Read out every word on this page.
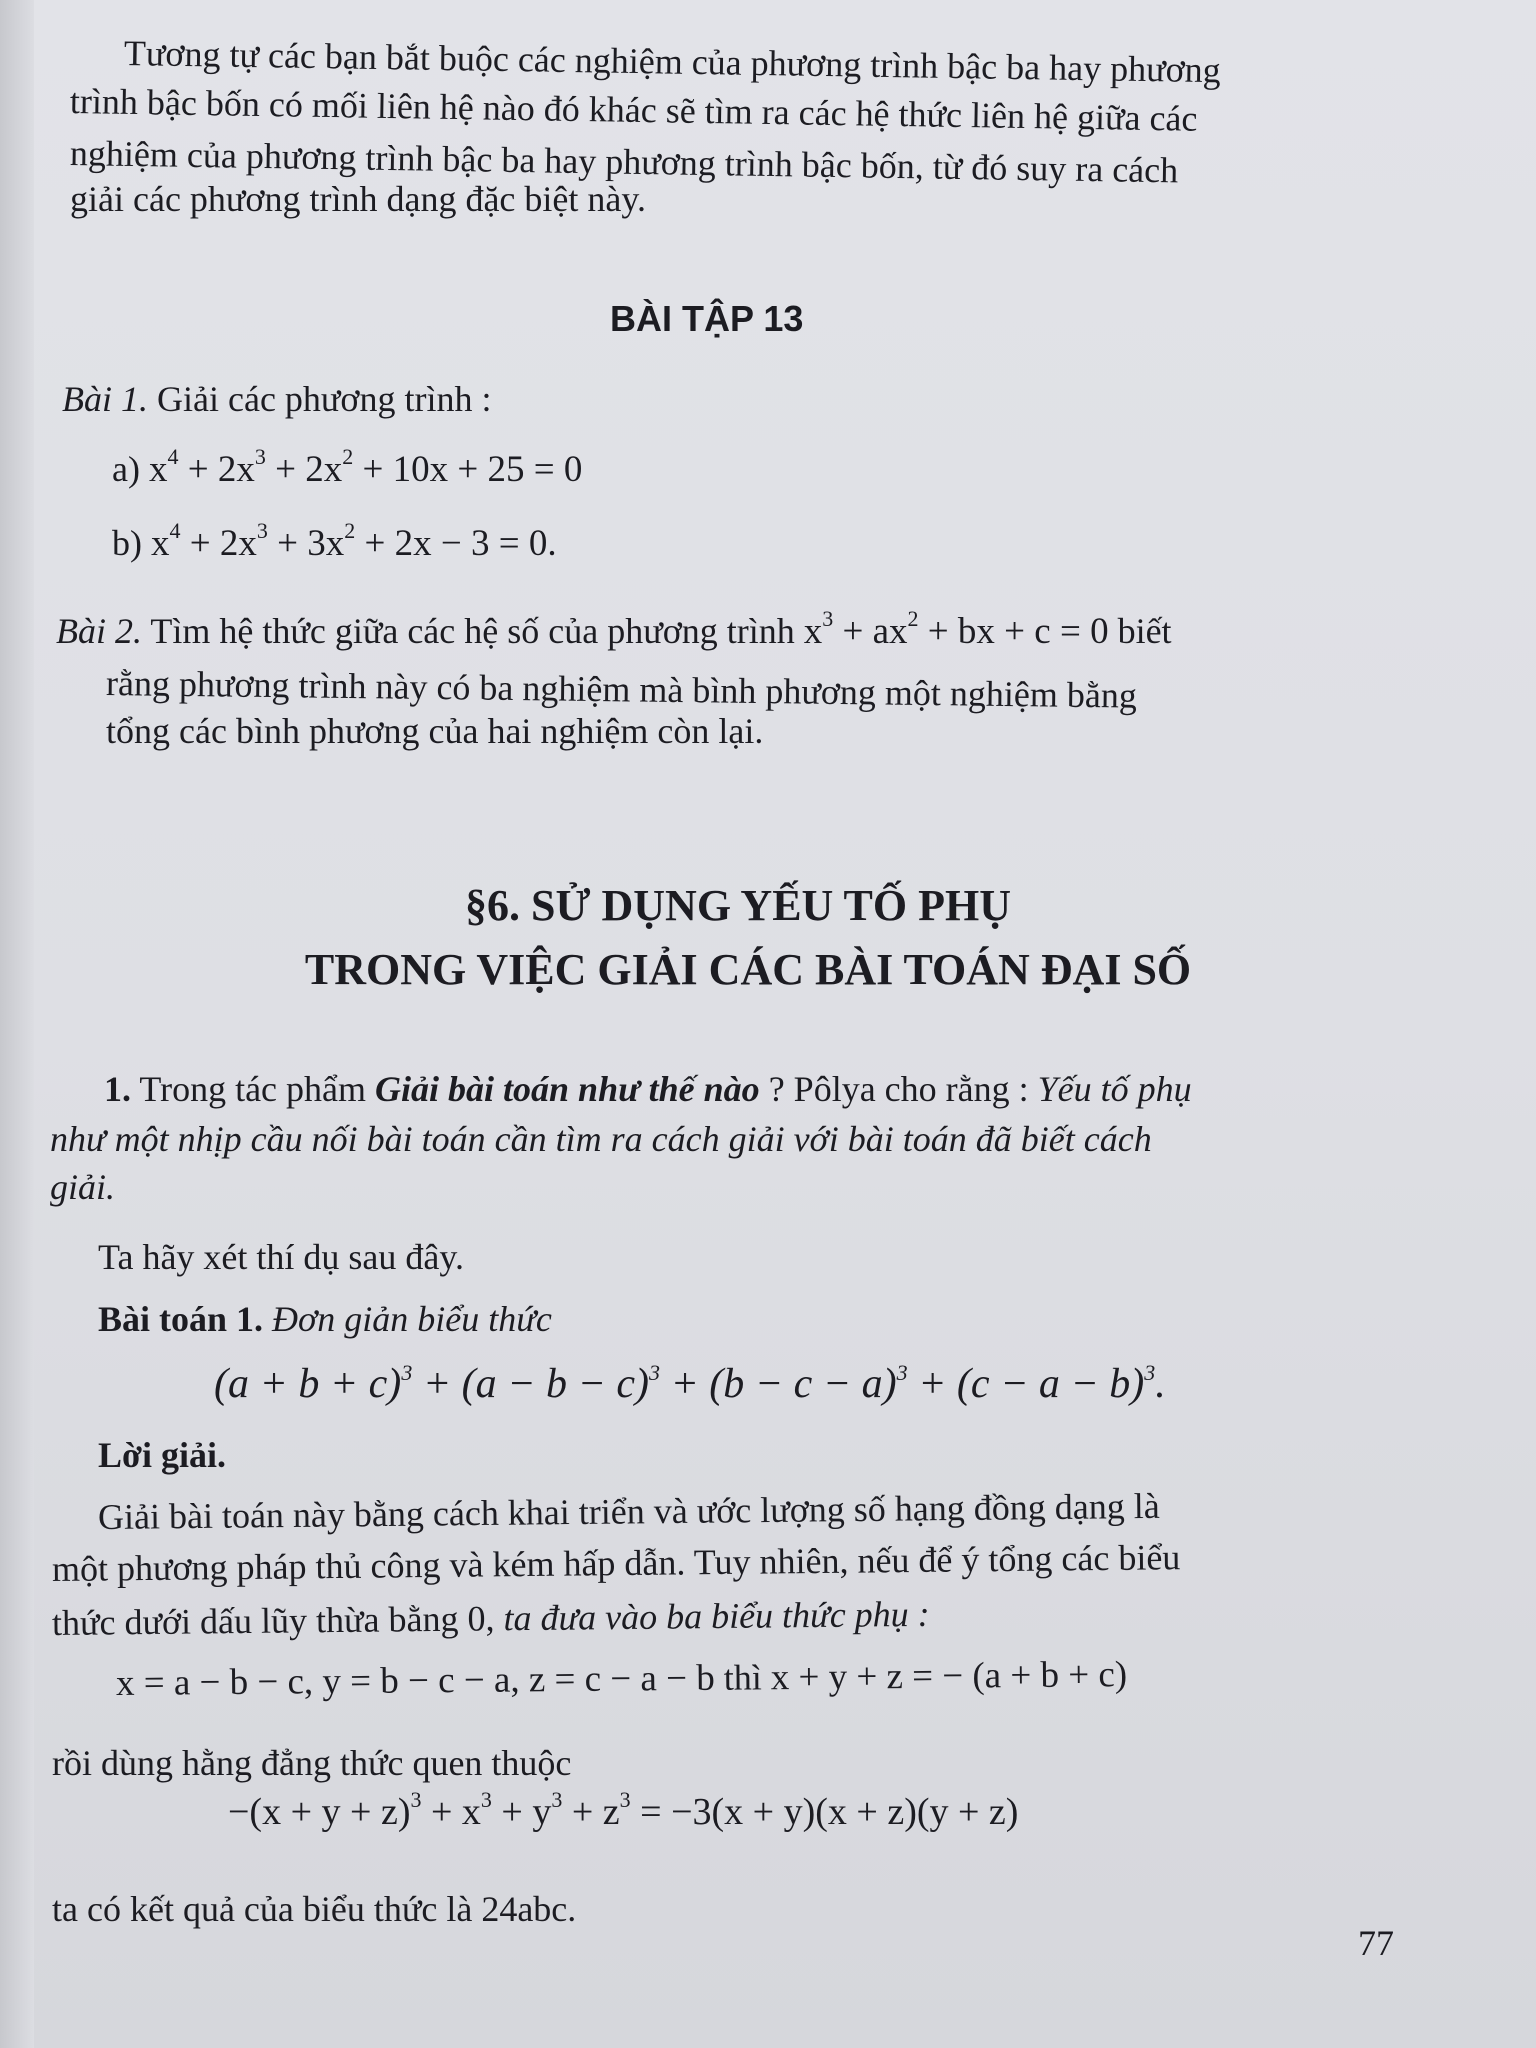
Tương tự các bạn bắt buộc các nghiệm của phương trình bậc ba hay phương
trình bậc bốn có mối liên hệ nào đó khác sẽ tìm ra các hệ thức liên hệ giữa các
nghiệm của phương trình bậc ba hay phương trình bậc bốn, từ đó suy ra cách
giải các phương trình dạng đặc biệt này.
BÀI TẬP 13
Bài 1. Giải các phương trình :
a) $x^4 + 2x^3 + 2x^2 + 10x + 25 = 0$
b) $x^4 + 2x^3 + 3x^2 + 2x - 3 = 0$.
Bài 2. Tìm hệ thức giữa các hệ số của phương trình $x^3 + ax^2$ + bx + c = 0 biết
rằng phương trình này có ba nghiệm mà bình phương một nghiệm bằng
tổng các bình phương của hai nghiệm còn lại.
§6. SỬ DỤNG YẾU TỐ PHỤ
TRONG VIỆC GIẢI CÁC BÀI TOÁN ĐẠI SỐ
1. Trong tác phẩm Giải bài toán như thế nào ? Pôlya cho rằng : Yếu tố phụ
như một nhịp cầu nối bài toán cần tìm ra cách giải với bài toán đã biết cách
giải.
Ta hãy xét thí dụ sau đây.
Bài toán 1. Đơn giản biểu thức
$(a + b + c)^3 + (a - b - c)^3 + (b - c - a)^3 + (c - a - b)^3$.
Lời giải.
Giải bài toán này bằng cách khai triển và ước lượng số hạng đồng dạng là
một phương pháp thủ công và kém hấp dẫn. Tuy nhiên, nếu để ý tổng các biểu
thức dưới dấu lũy thừa bằng 0, ta đưa vào ba biểu thức phụ :
x = a − b − c, y = b − c − a, z = c − a − b thì x + y + z = − (a + b + c)
rồi dùng hằng đẳng thức quen thuộc
$-(x + y + z)^3 + x^3 + y^3 + z^3 = -3(x + y)(x + z)(y + z)$
ta có kết quả của biểu thức là 24abc.
77
